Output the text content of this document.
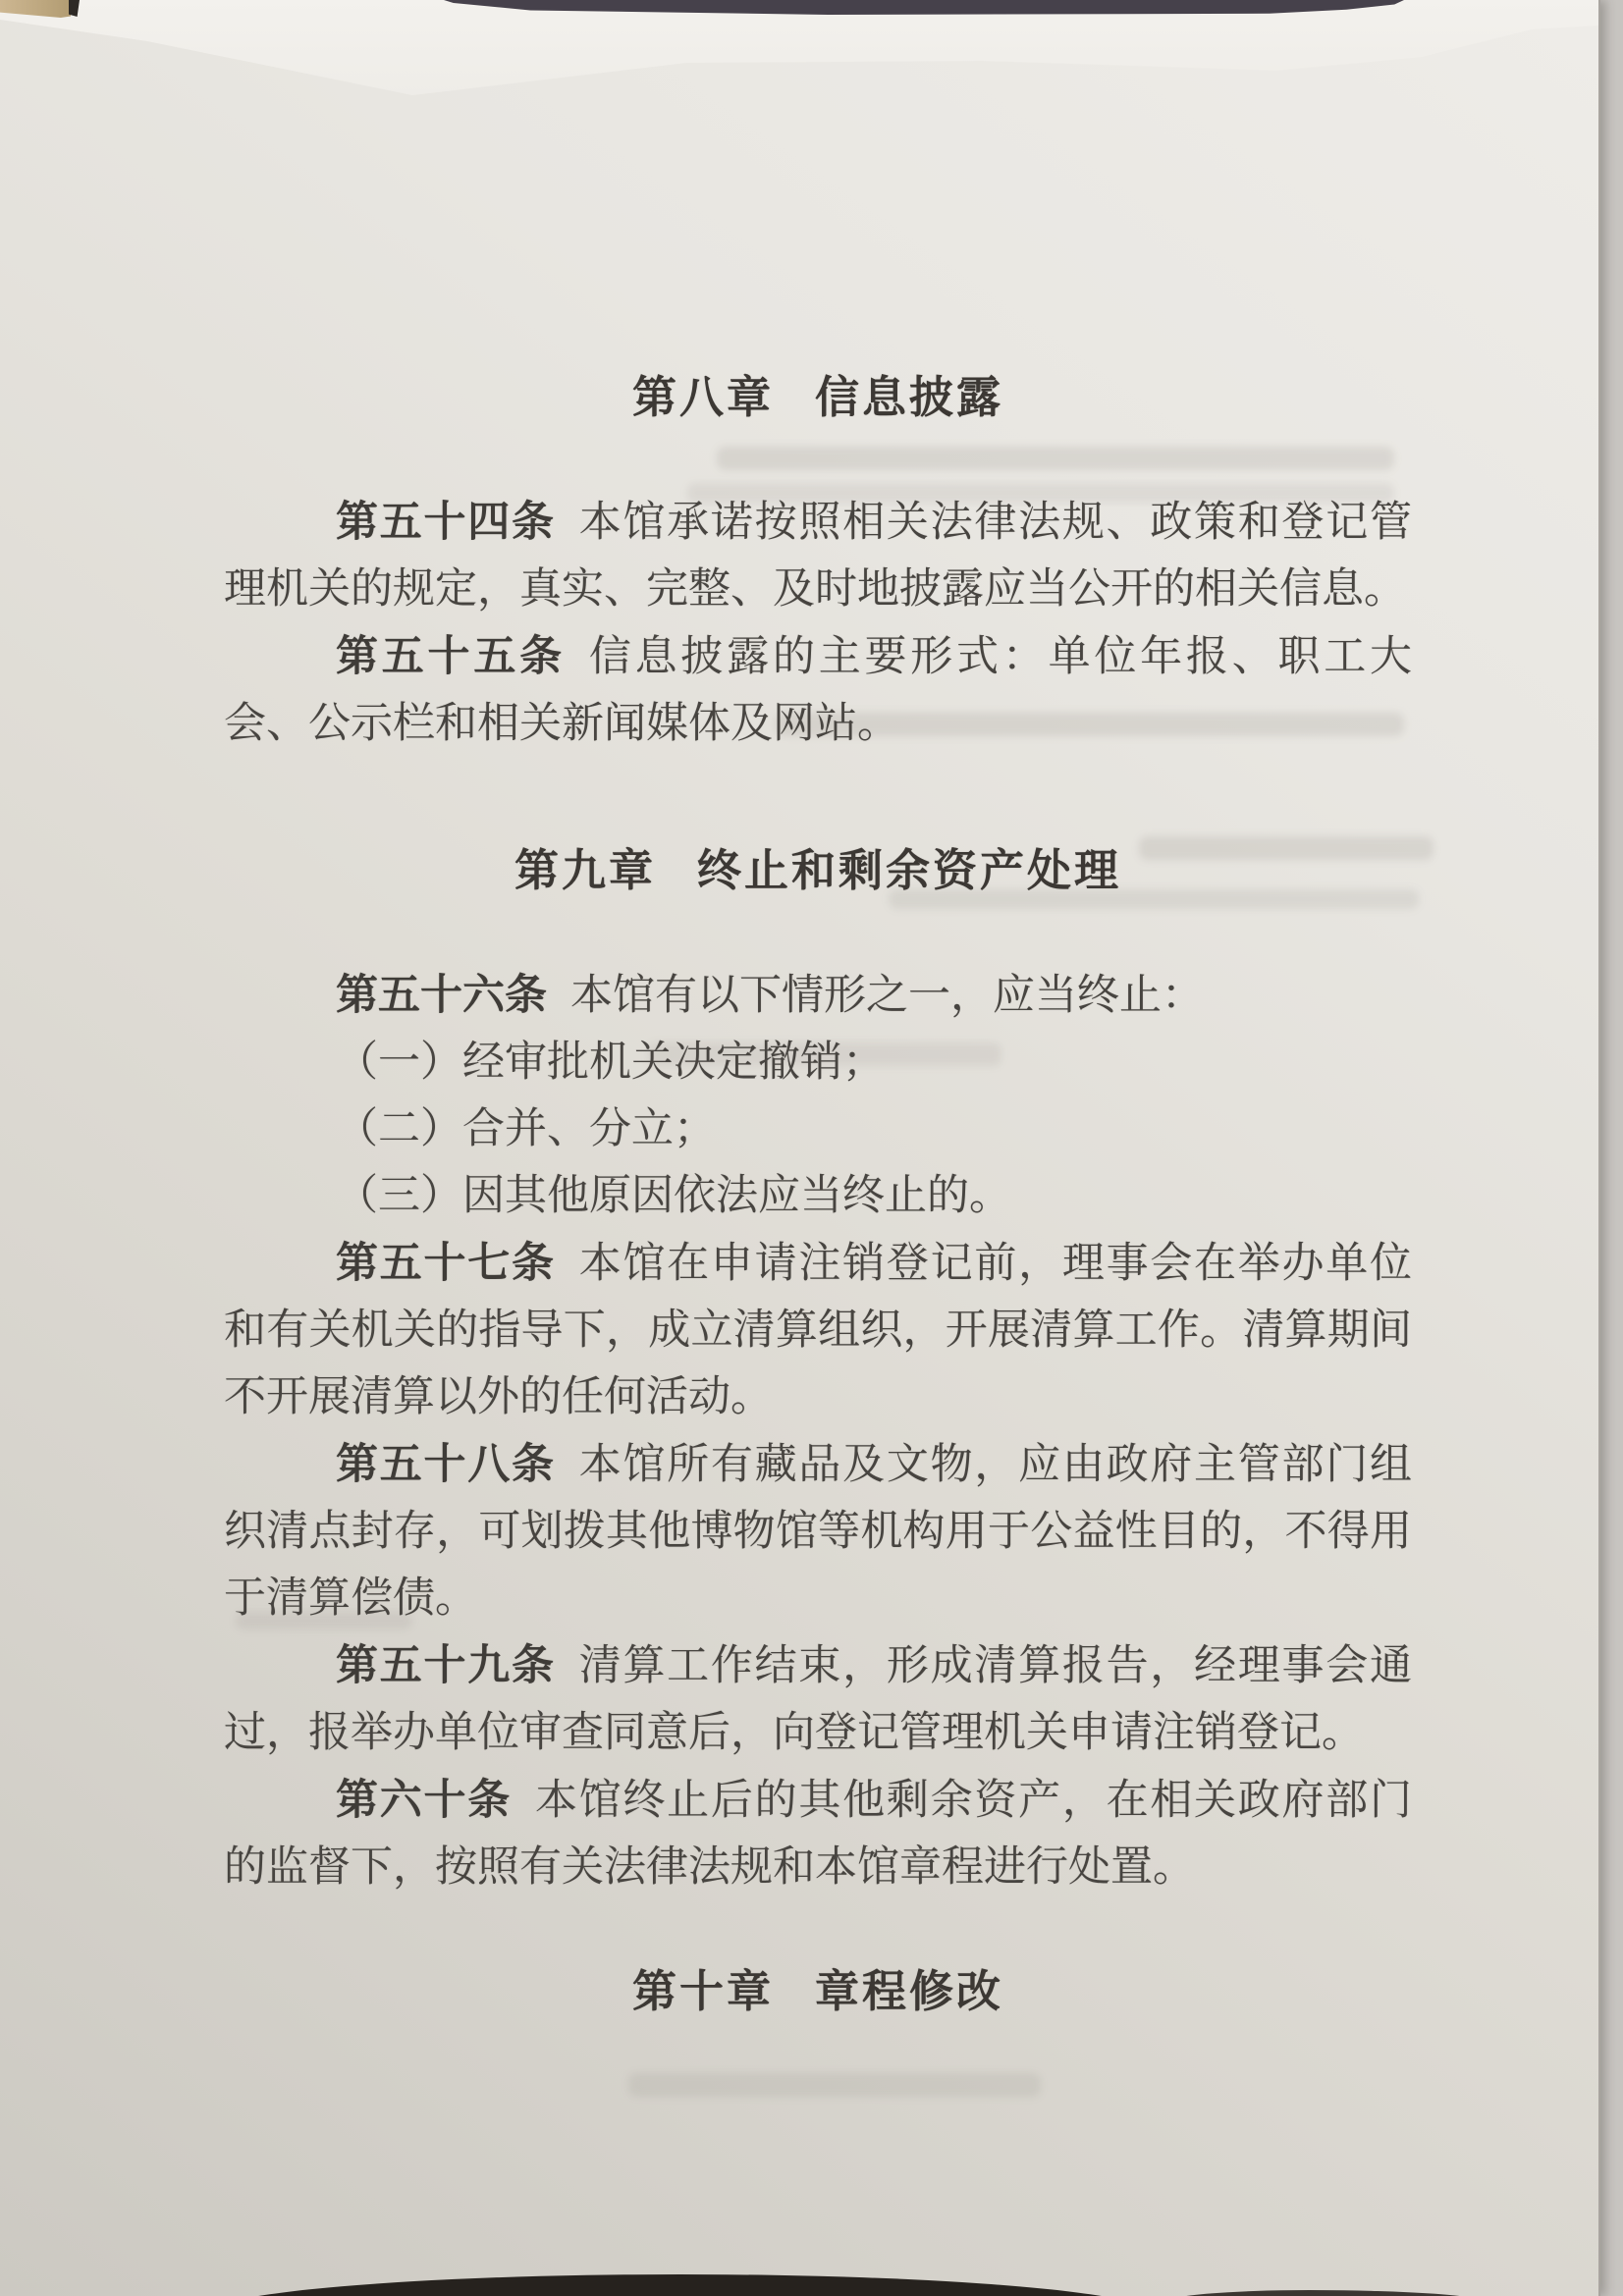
第八章 信息披露

第五十四条 本馆承诺按照相关法律法规、政策和登记管理机关的规定，真实、完整、及时地披露应当公开的相关信息。

第五十五条 信息披露的主要形式：单位年报、职工大会、公示栏和相关新闻媒体及网站。

第九章 终止和剩余资产处理

第五十六条 本馆有以下情形之一，应当终止：

（一）经审批机关决定撤销；

（二）合并、分立；

（三）因其他原因依法应当终止的。

第五十七条 本馆在申请注销登记前，理事会在举办单位和有关机关的指导下，成立清算组织，开展清算工作。清算期间不开展清算以外的任何活动。

第五十八条 本馆所有藏品及文物，应由政府主管部门组织清点封存，可划拨其他博物馆等机构用于公益性目的，不得用于清算偿债。

第五十九条 清算工作结束，形成清算报告，经理事会通过，报举办单位审查同意后，向登记管理机关申请注销登记。

第六十条 本馆终止后的其他剩余资产，在相关政府部门的监督下，按照有关法律法规和本馆章程进行处置。

第十章 章程修改
